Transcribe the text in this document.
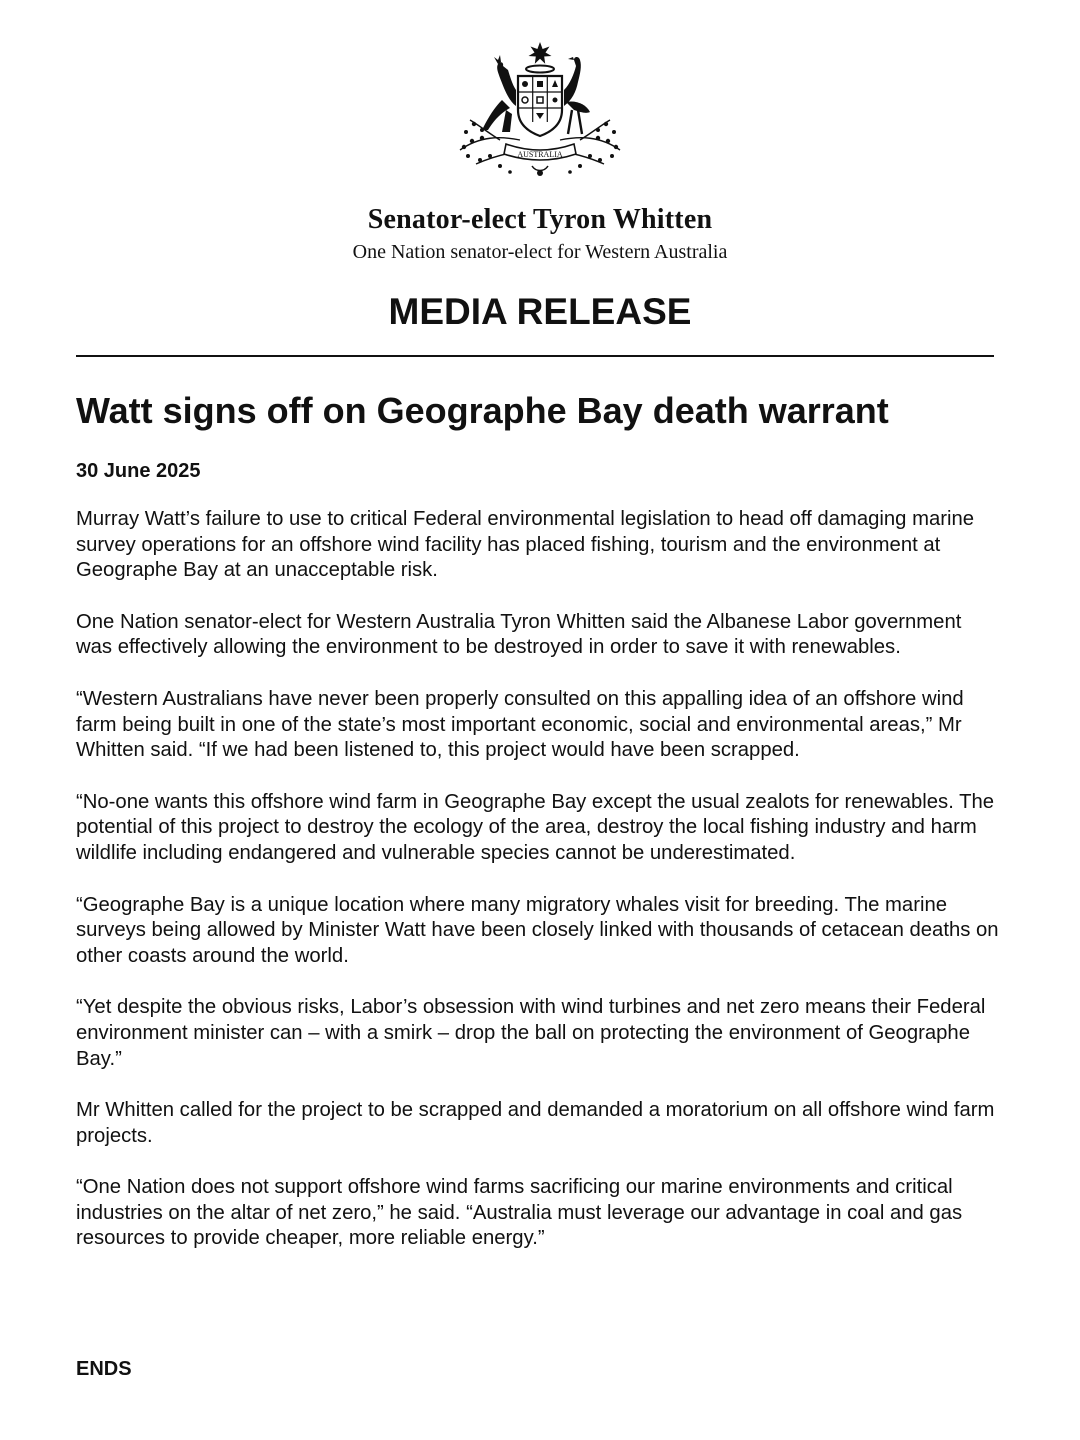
AUSTRALIA
Senator-elect Tyron Whitten
One Nation senator-elect for Western Australia
MEDIA RELEASE
Watt signs off on Geographe Bay death warrant
30 June 2025

Murray Watt’s failure to use to critical Federal environmental legislation to head off damaging marine survey operations for an offshore wind facility has placed fishing, tourism and the environment at Geographe Bay at an unacceptable risk.

One Nation senator-elect for Western Australia Tyron Whitten said the Albanese Labor government was effectively allowing the environment to be destroyed in order to save it with renewables.

“Western Australians have never been properly consulted on this appalling idea of an offshore wind farm being built in one of the state’s most important economic, social and environmental areas,” Mr Whitten said. “If we had been listened to, this project would have been scrapped.

“No-one wants this offshore wind farm in Geographe Bay except the usual zealots for renewables. The potential of this project to destroy the ecology of the area, destroy the local fishing industry and harm wildlife including endangered and vulnerable species cannot be underestimated.

“Geographe Bay is a unique location where many migratory whales visit for breeding. The marine surveys being allowed by Minister Watt have been closely linked with thousands of cetacean deaths on other coasts around the world.

“Yet despite the obvious risks, Labor’s obsession with wind turbines and net zero means their Federal environment minister can – with a smirk – drop the ball on protecting the environment of Geographe Bay.”

Mr Whitten called for the project to be scrapped and demanded a moratorium on all offshore wind farm projects.

“One Nation does not support offshore wind farms sacrificing our marine environments and critical industries on the altar of net zero,” he said. “Australia must leverage our advantage in coal and gas resources to provide cheaper, more reliable energy.”

ENDS
